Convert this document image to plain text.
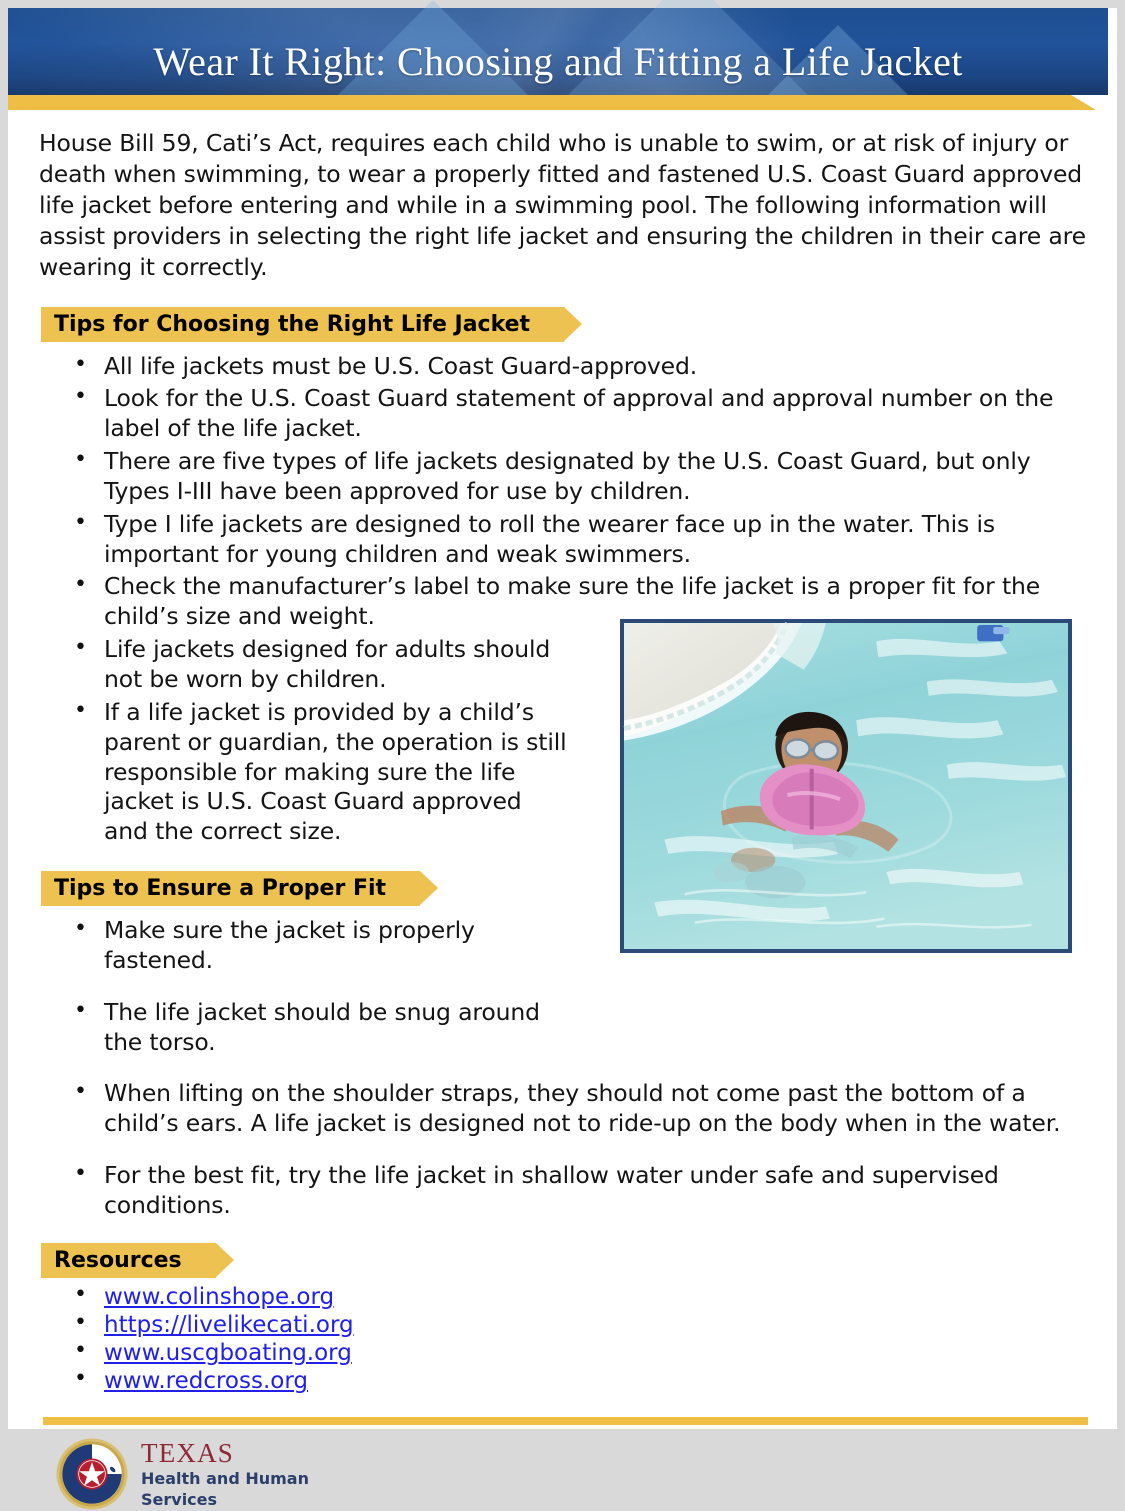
Wear It Right: Choosing and Fitting a Life Jacket

House Bill 59, Cati’s Act, requires each child who is unable to swim, or at risk of injury or death when swimming, to wear a properly fitted and fastened U.S. Coast Guard approved life jacket before entering and while in a swimming pool. The following information will assist providers in selecting the right life jacket and ensuring the children in their care are wearing it correctly.

Tips for Choosing the Right Life Jacket
• All life jackets must be U.S. Coast Guard-approved.
• Look for the U.S. Coast Guard statement of approval and approval number on the label of the life jacket.
• There are five types of life jackets designated by the U.S. Coast Guard, but only Types I-III have been approved for use by children.
• Type I life jackets are designed to roll the wearer face up in the water. This is important for young children and weak swimmers.
• Check the manufacturer’s label to make sure the life jacket is a proper fit for the child’s size and weight.
• Life jackets designed for adults should not be worn by children.
• If a life jacket is provided by a child’s parent or guardian, the operation is still responsible for making sure the life jacket is U.S. Coast Guard approved and the correct size.
Tips to Ensure a Proper Fit
• Make sure the jacket is properly fastened.
• The life jacket should be snug around the torso.
• When lifting on the shoulder straps, they should not come past the bottom of a child’s ears. A life jacket is designed not to ride-up on the body when in the water.
• For the best fit, try the life jacket in shallow water under safe and supervised conditions.
Resources
• www.colinshope.org
• https://livelikecati.org
• www.uscgboating.org
• www.redcross.org
TEXAS
Health and Human
Services
